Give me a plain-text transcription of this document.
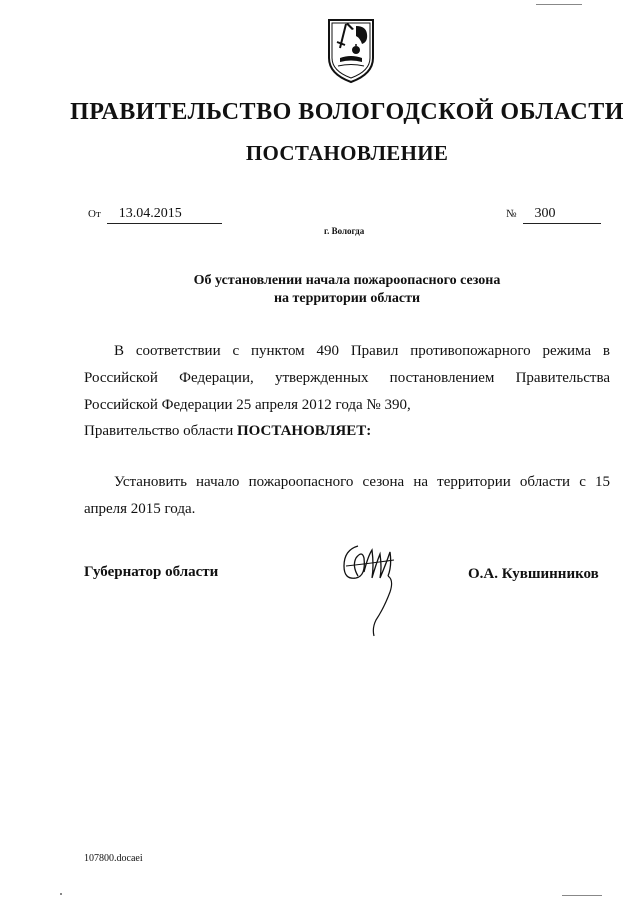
ПРАВИТЕЛЬСТВО ВОЛОГОДСКОЙ ОБЛАСТИ
ПОСТАНОВЛЕНИЕ
От 13.04.2015	№ 300
г. Вологда
Об установлении начала пожароопасного сезона
на территории области
В соответствии с пунктом 490 Правил противопожарного режима в Российской Федерации, утвержденных постановлением Правительства Российской Федерации 25 апреля 2012 года № 390,
Правительство области ПОСТАНОВЛЯЕТ:
Установить начало пожароопасного сезона на территории области с 15 апреля 2015 года.
Губернатор области	О.А. Кувшинников
107800.docaei
